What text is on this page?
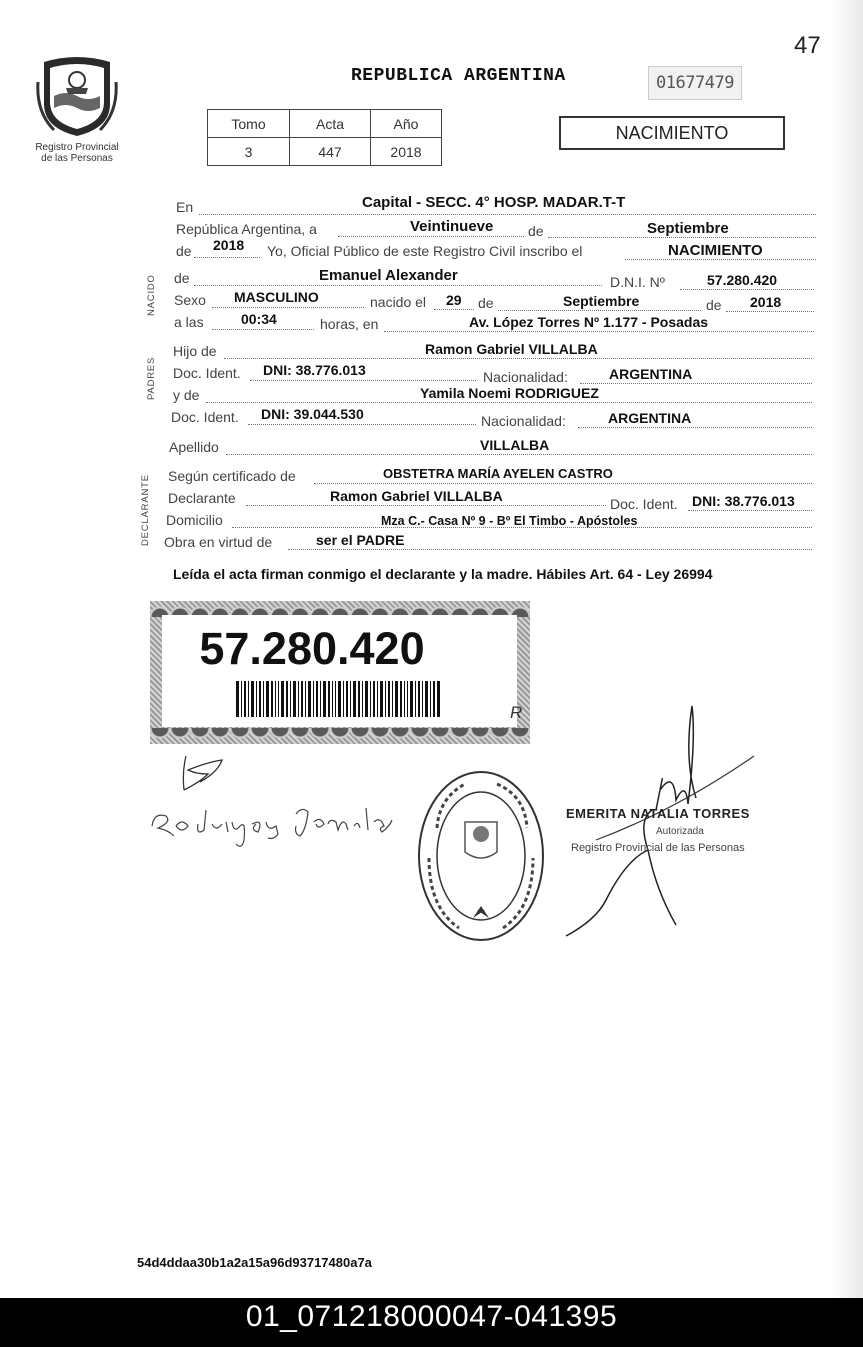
47
Registro Provincial
de las Personas
REPUBLICA ARGENTINA	01677479
Tomo	Acta	Año
3	447	2018
NACIMIENTO
NACIDO
PADRES
DECLARANTE
En	Capital - SECC. 4° HOSP. MADAR.T-T
República Argentina, a	Veintinueve de	Septiembre
de 2018 Yo, Oficial Público de este Registro Civil inscribo el	NACIMIENTO
de	Emanuel Alexander	D.N.I. Nº	57.280.420
Sexo MASCULINO	nacido el 29 de	Septiembre	de 2018
a las	00:34	horas, en	Av. López Torres Nº 1.177 - Posadas
Hijo de	Ramon Gabriel VILLALBA
Doc. Ident. DNI: 38.776.013	Nacionalidad:	ARGENTINA
y de	Yamila Noemi RODRIGUEZ
Doc. Ident. DNI: 39.044.530	Nacionalidad:	ARGENTINA
Apellido	VILLALBA
Según certificado de	OBSTETRA MARÍA AYELEN CASTRO
Declarante	Ramon Gabriel VILLALBA	Doc. Ident. DNI: 38.776.013
Domicilio	Mza C.- Casa Nº 9 - Bº El Timbo - Apóstoles
Obra en virtud de	ser el PADRE
Leída el acta firman conmigo el declarante y la madre. Hábiles Art. 64 - Ley 26994
57.280.420
R
EMERITA NATALIA TORRES
Autorizada
Registro Provincial de las Personas
54d4ddaa30b1a2a15a96d93717480a7a
01_071218000047-041395
